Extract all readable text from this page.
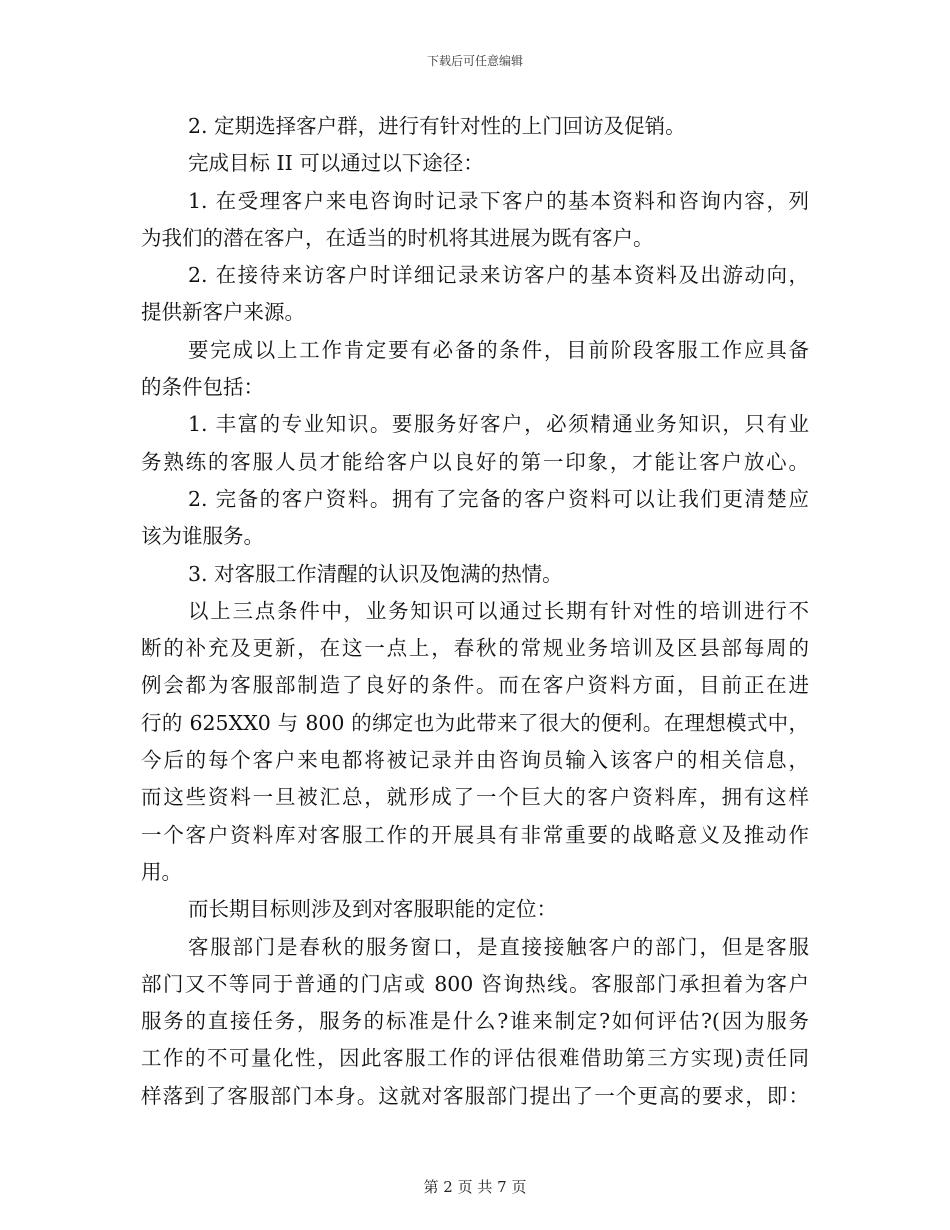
下载后可任意编辑
2. 定期选择客户群，进行有针对性的上门回访及促销。
完成目标 II 可以通过以下途径：
1. 在受理客户来电咨询时记录下客户的基本资料和咨询内容，列
为我们的潜在客户，在适当的时机将其进展为既有客户。
2. 在接待来访客户时详细记录来访客户的基本资料及出游动向，
提供新客户来源。
要完成以上工作肯定要有必备的条件，目前阶段客服工作应具备
的条件包括：
1. 丰富的专业知识。要服务好客户，必须精通业务知识，只有业
务熟练的客服人员才能给客户以良好的第一印象，才能让客户放心。
2. 完备的客户资料。拥有了完备的客户资料可以让我们更清楚应
该为谁服务。
3. 对客服工作清醒的认识及饱满的热情。
以上三点条件中，业务知识可以通过长期有针对性的培训进行不
断的补充及更新，在这一点上，春秋的常规业务培训及区县部每周的
例会都为客服部制造了良好的条件。而在客户资料方面，目前正在进
行的 625XX0 与 800 的绑定也为此带来了很大的便利。在理想模式中，
今后的每个客户来电都将被记录并由咨询员输入该客户的相关信息，
而这些资料一旦被汇总，就形成了一个巨大的客户资料库，拥有这样
一个客户资料库对客服工作的开展具有非常重要的战略意义及推动作
用。
而长期目标则涉及到对客服职能的定位：
客服部门是春秋的服务窗口，是直接接触客户的部门，但是客服
部门又不等同于普通的门店或 800 咨询热线。客服部门承担着为客户
服务的直接任务，服务的标准是什么?谁来制定?如何评估?(因为服务
工作的不可量化性，因此客服工作的评估很难借助第三方实现)责任同
样落到了客服部门本身。这就对客服部门提出了一个更高的要求，即：
第 2 页 共 7 页
